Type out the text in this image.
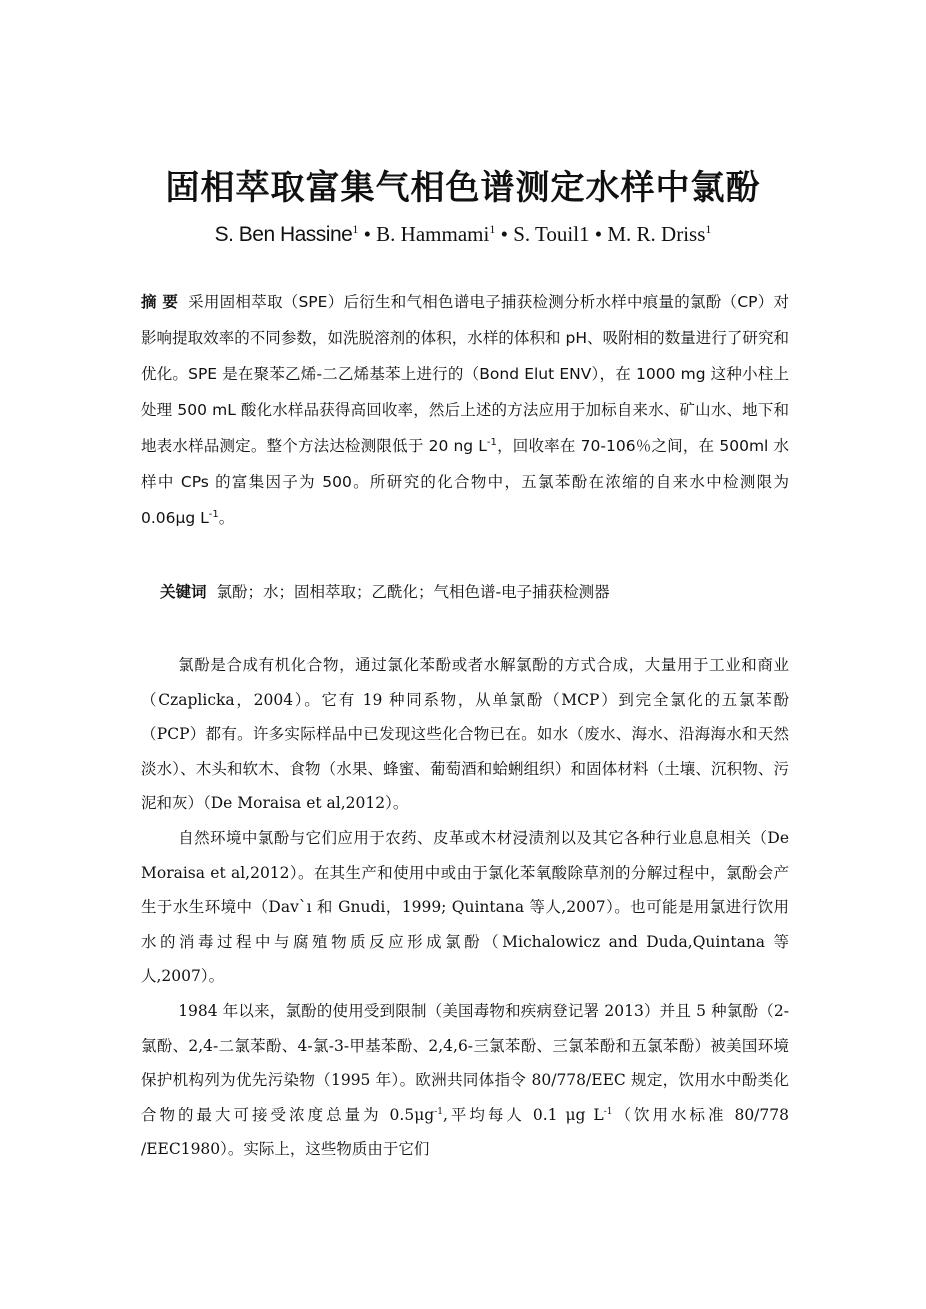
固相萃取富集气相色谱测定水样中氯酚
S. Ben Hassine$^1$ • B. Hammami$^1$ • S. Touil1 • M. R. Driss$^1$
摘 要 采用固相萃取（SPE）后衍生和气相色谱电子捕获检测分析水样中痕量的氯酚（CP）对影响提取效率的不同参数，如洗脱溶剂的体积，水样的体积和 pH、吸附相的数量进行了研究和优化。SPE 是在聚苯乙烯-二乙烯基苯上进行的（Bond Elut ENV），在 1000 mg 这种小柱上处理 500 mL 酸化水样品获得高回收率，然后上述的方法应用于加标自来水、矿山水、地下和地表水样品测定。整个方法达检测限低于 20 ng $L^{-1}$，回收率在 70-106％之间，在 500ml 水样中 CPs 的富集因子为 500。所研究的化合物中，五氯苯酚在浓缩的自来水中检测限为 0.06μg $L^{-1}$。
关键词 氯酚；水；固相萃取；乙酰化；气相色谱-电子捕获检测器

氯酚是合成有机化合物，通过氯化苯酚或者水解氯酚的方式合成，大量用于工业和商业（Czaplicka，2004）。它有 19 种同系物，从单氯酚（MCP）到完全氯化的五氯苯酚（PCP）都有。许多实际样品中已发现这些化合物已在。如水（废水、海水、沿海海水和天然淡水）、木头和软木、食物（水果、蜂蜜、葡萄酒和蛤蜊组织）和固体材料（土壤、沉积物、污泥和灰）（De Moraisa et al,2012）。

自然环境中氯酚与它们应用于农药、皮革或木材浸渍剂以及其它各种行业息息相关（De Moraisa et al,2012）。在其生产和使用中或由于氯化苯氧酸除草剂的分解过程中，氯酚会产生于水生环境中（Dav`ı 和 Gnudi，1999; Quintana 等人,2007）。也可能是用氯进行饮用水的消毒过程中与腐殖物质反应形成氯酚（Michalowicz and Duda,Quintana 等人,2007）。

1984 年以来，氯酚的使用受到限制（美国毒物和疾病登记署 2013）并且 5 种氯酚（2-氯酚、2,4-二氯苯酚、4-氯-3-甲基苯酚、2,4,6-三氯苯酚、三氯苯酚和五氯苯酚）被美国环境保护机构列为优先污染物（1995 年）。欧洲共同体指令 80/778/EEC 规定，饮用水中酚类化合物的最大可接受浓度总量为 $0.5\mu g^{-1}$,平均每人 0.1 μg $L^{-1}$（饮用水标准 80/778 /EEC1980）。实际上，这些物质由于它们
